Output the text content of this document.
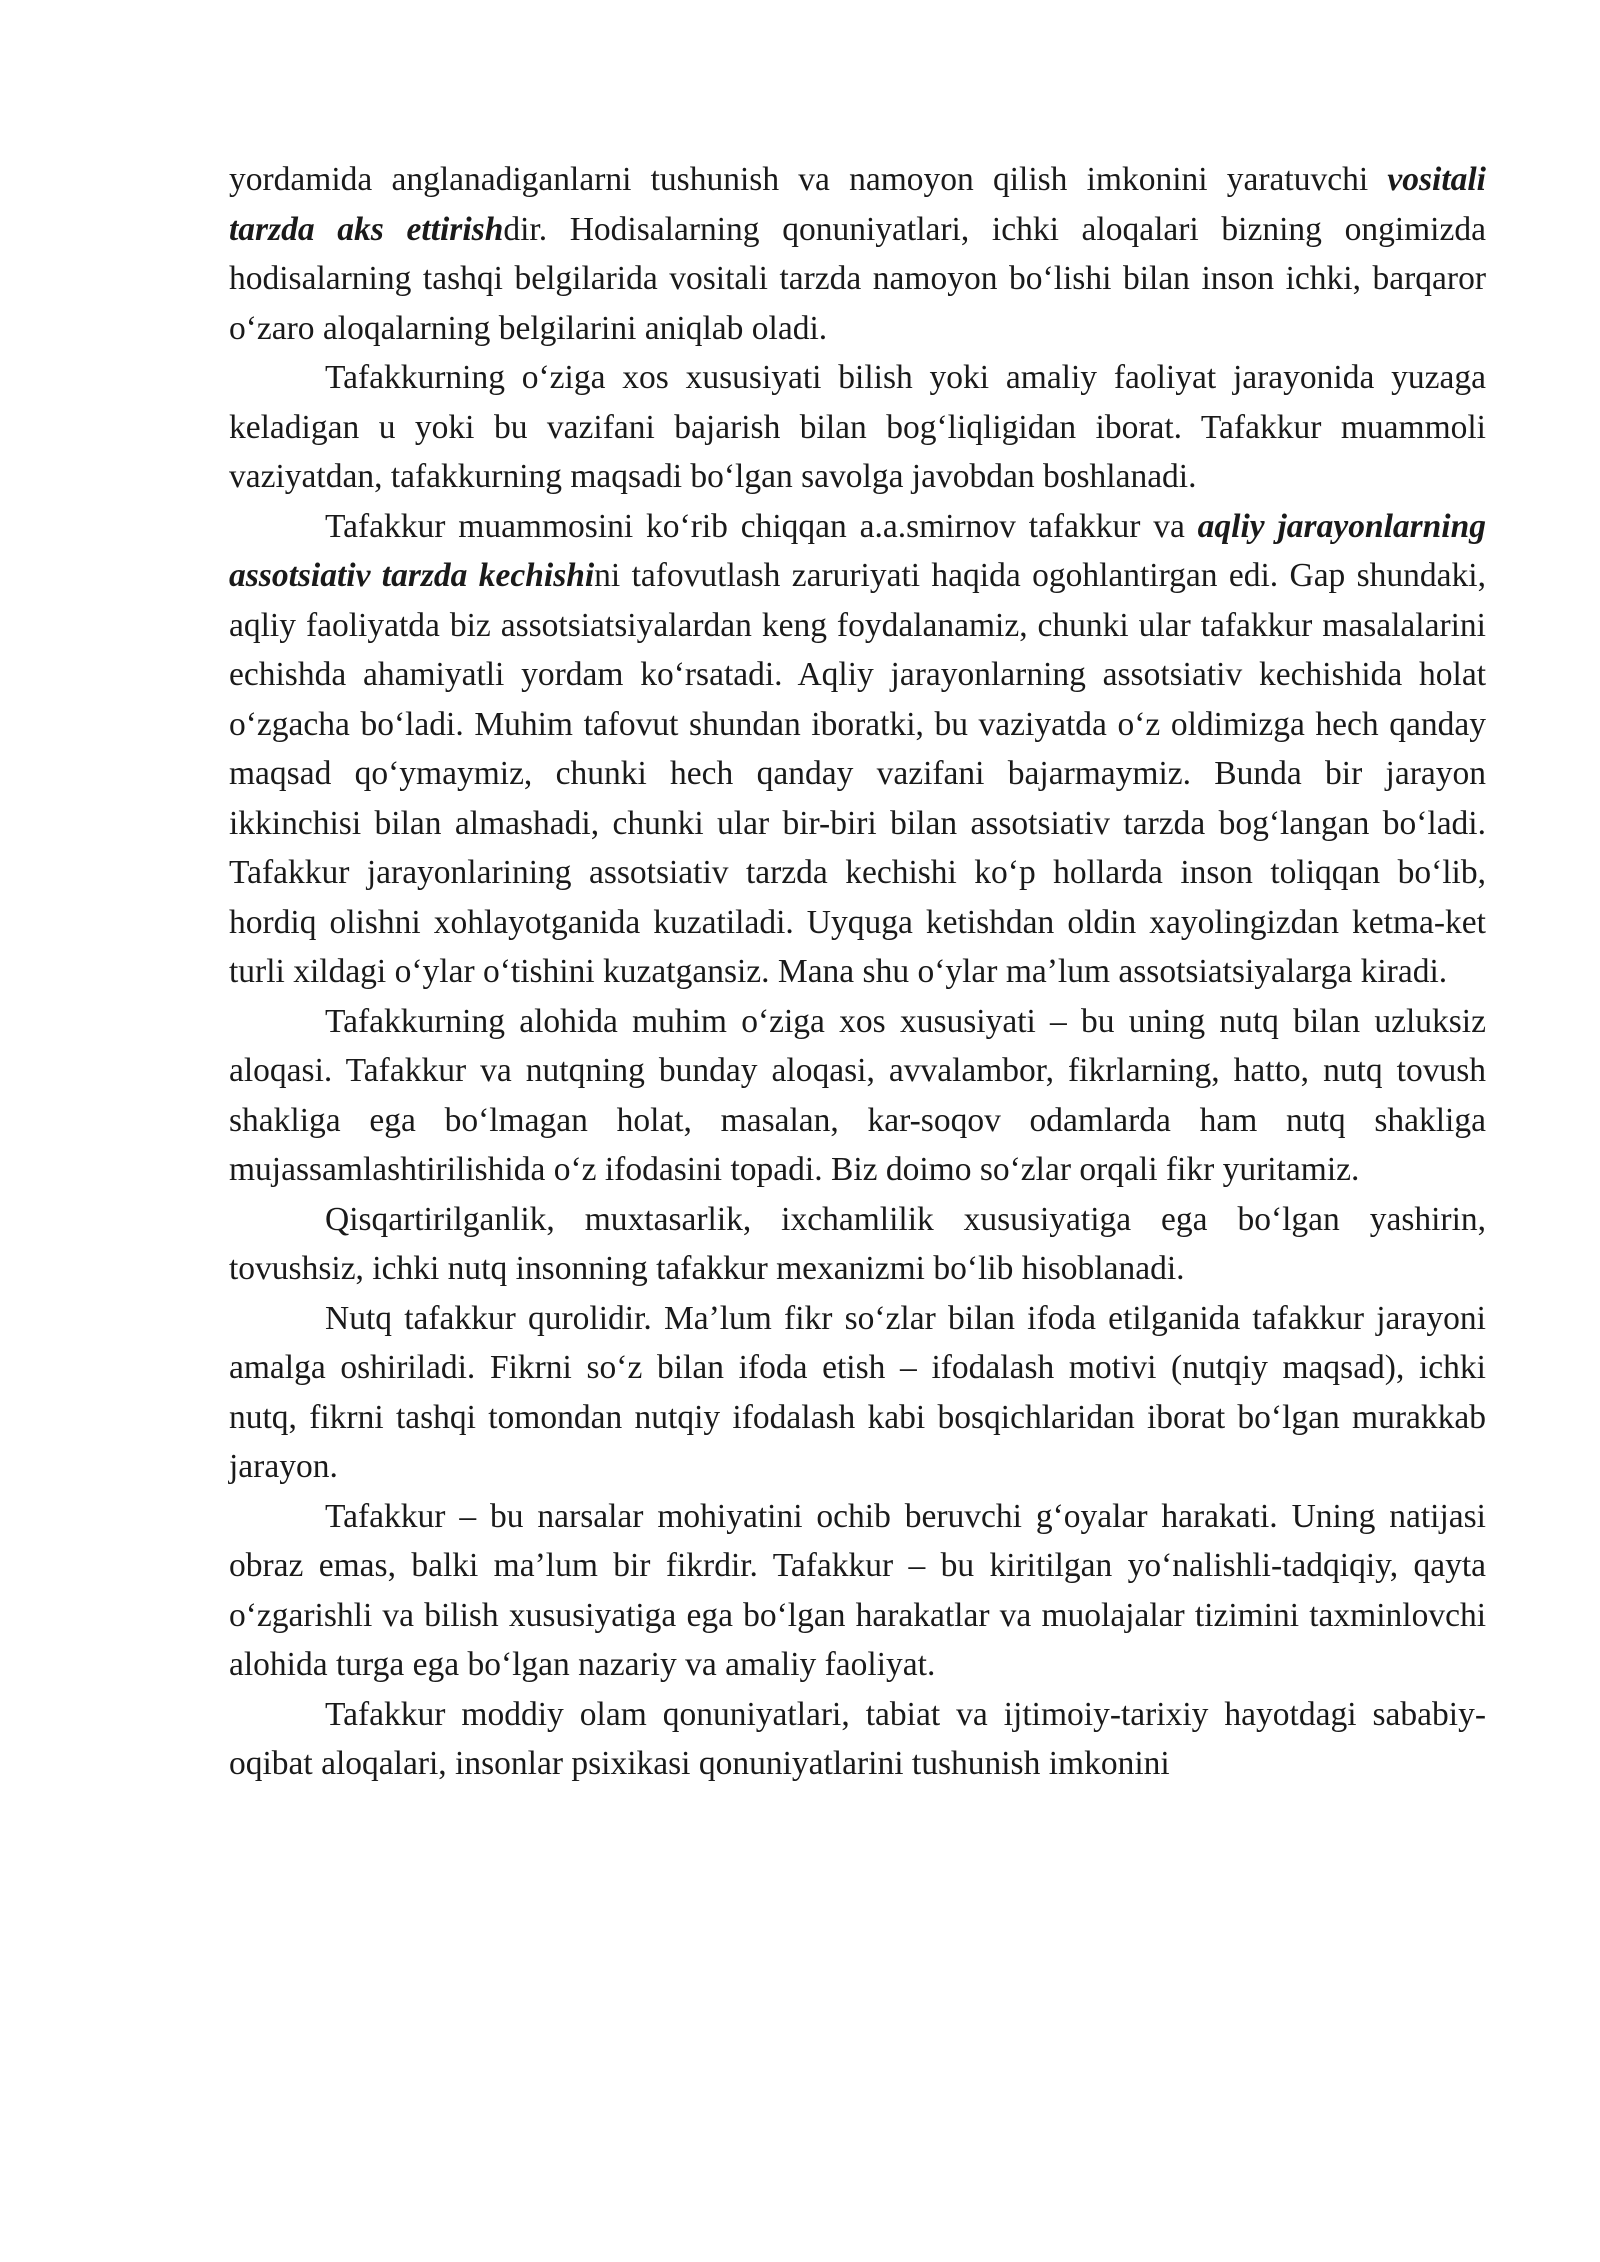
yordamida anglanadiganlarni tushunish va namoyon qilish imkonini yaratuvchi vositali tarzda aks ettirishdir. Hodisalarning qonuniyatlari, ichki aloqalari bizning ongimizda hodisalarning tashqi belgilarida vositali tarzda namoyon boʻlishi bilan inson ichki, barqaror oʻzaro aloqalarning belgilarini aniqlab oladi.

Tafakkurning oʻziga xos xususiyati bilish yoki amaliy faoliyat jarayonida yuzaga keladigan u yoki bu vazifani bajarish bilan bogʻliqligidan iborat. Tafakkur muammoli vaziyatdan, tafakkurning maqsadi boʻlgan savolga javobdan boshlanadi.

Tafakkur muammosini koʻrib chiqqan a.a.smirnov tafakkur va aqliy jarayonlarning assotsiativ tarzda kechishini tafovutlash zaruriyati haqida ogohlantirgan edi. Gap shundaki, aqliy faoliyatda biz assotsiatsiyalardan keng foydalanamiz, chunki ular tafakkur masalalarini echishda ahamiyatli yordam koʻrsatadi. Aqliy jarayonlarning assotsiativ kechishida holat oʻzgacha boʻladi. Muhim tafovut shundan iboratki, bu vaziyatda oʻz oldimizga hech qanday maqsad qoʻymaymiz, chunki hech qanday vazifani bajarmaymiz. Bunda bir jarayon ikkinchisi bilan almashadi, chunki ular bir-biri bilan assotsiativ tarzda bogʻlangan boʻladi. Tafakkur jarayonlarining assotsiativ tarzda kechishi koʻp hollarda inson toliqqan boʻlib, hordiq olishni xohlayotganida kuzatiladi. Uyquga ketishdan oldin xayolingizdan ketma-ket turli xildagi oʻylar oʻtishini kuzatgansiz. Mana shu oʻylar maʼlum assotsiatsiyalarga kiradi.

Tafakkurning alohida muhim oʻziga xos xususiyati – bu uning nutq bilan uzluksiz aloqasi. Tafakkur va nutqning bunday aloqasi, avvalambor, fikrlarning, hatto, nutq tovush shakliga ega boʻlmagan holat, masalan, kar-soqov odamlarda ham nutq shakliga mujassamlashtirilishida oʻz ifodasini topadi. Biz doimo soʻzlar orqali fikr yuritamiz.

Qisqartirilganlik, muxtasarlik, ixchamlilik xususiyatiga ega boʻlgan yashirin, tovushsiz, ichki nutq insonning tafakkur mexanizmi boʻlib hisoblanadi.

Nutq tafakkur qurolidir. Maʼlum fikr soʻzlar bilan ifoda etilganida tafakkur jarayoni amalga oshiriladi. Fikrni soʻz bilan ifoda etish – ifodalash motivi (nutqiy maqsad), ichki nutq, fikrni tashqi tomondan nutqiy ifodalash kabi bosqichlaridan iborat boʻlgan murakkab jarayon.

Tafakkur – bu narsalar mohiyatini ochib beruvchi gʻoyalar harakati. Uning natijasi obraz emas, balki maʼlum bir fikrdir. Tafakkur – bu kiritilgan yoʻnalishli-tadqiqiy, qayta oʻzgarishli va bilish xususiyatiga ega boʻlgan harakatlar va muolajalar tizimini taxminlovchi alohida turga ega boʻlgan nazariy va amaliy faoliyat.

Tafakkur moddiy olam qonuniyatlari, tabiat va ijtimoiy-tarixiy hayotdagi sababiy-oqibat aloqalari, insonlar psixikasi qonuniyatlarini tushunish imkonini
